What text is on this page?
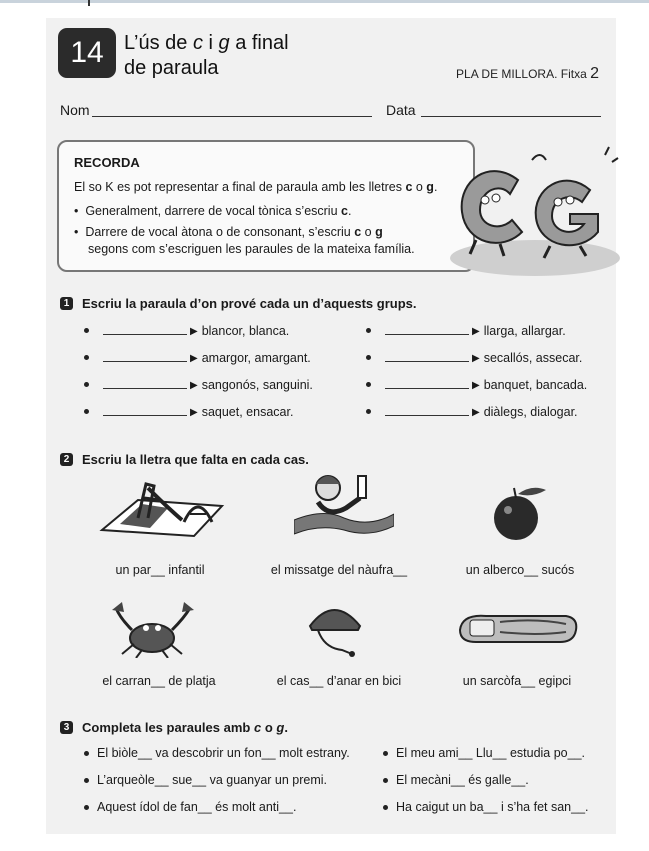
14	L’ús de c i g a final
de paraula	PLA DE MILLORA. Fitxa 2
Nom	Data
RECORDA
El so K es pot representar a final de paraula amb les lletres c o g.
•  Generalment, darrere de vocal tònica s’escriu c.
•  Darrere de vocal àtona o de consonant, s’escriu c o g
segons com s’escriguen les paraules de la mateixa família.
1 Escriu la paraula d’on prové cada un d’aquests grups.
▶ blancor, blanca.
▶ amargor, amargant.
▶ sangonós, sanguini.
▶ saquet, ensacar.
▶ llarga, allargar.
▶ secallós, assecar.
▶ banquet, bancada.
▶ diàlegs, dialogar.
2 Escriu la lletra que falta en cada cas.
un par__ infantil	el missatge del nàufra__	un alberco__ sucós
el carran__ de platja	el cas__ d’anar en bici	un sarcòfa__ egipci
3 Completa les paraules amb
c o g .
El biòle__ va descobrir un fon__ molt estrany.
L’arqueòle__ sue__ va guanyar un premi.
Aquest ídol de fan__ és molt anti__.
El meu ami__ Llu__ estudia po__.
El mecàni__ és galle__.
Ha caigut un ba__ i s’ha fet san__.
